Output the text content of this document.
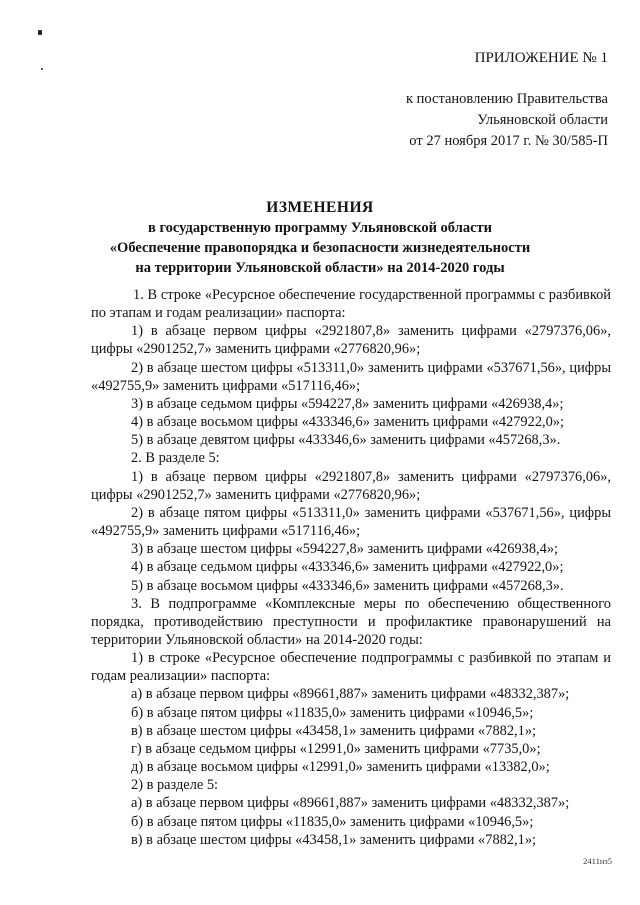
ПРИЛОЖЕНИЕ № 1
к постановлению Правительства
Ульяновской области
от 27 ноября 2017 г. № 30/585-П
ИЗМЕНЕНИЯ
в государственную программу Ульяновской области
«Обеспечение правопорядка и безопасности жизнедеятельности
на территории Ульяновской области» на 2014-2020 годы
1. В строке «Ресурсное обеспечение государственной программы с разбивкой по этапам и годам реализации» паспорта:
1) в абзаце первом цифры «2921807,8» заменить цифрами «2797376,06», цифры «2901252,7» заменить цифрами «2776820,96»;
2) в абзаце шестом цифры «513311,0» заменить цифрами «537671,56», цифры «492755,9» заменить цифрами «517116,46»;
3) в абзаце седьмом цифры «594227,8» заменить цифрами «426938,4»;
4) в абзаце восьмом цифры «433346,6» заменить цифрами «427922,0»;
5) в абзаце девятом цифры «433346,6» заменить цифрами «457268,3».
2. В разделе 5:
1) в абзаце первом цифры «2921807,8» заменить цифрами «2797376,06», цифры «2901252,7» заменить цифрами «2776820,96»;
2) в абзаце пятом цифры «513311,0» заменить цифрами «537671,56», цифры «492755,9» заменить цифрами «517116,46»;
3) в абзаце шестом цифры «594227,8» заменить цифрами «426938,4»;
4) в абзаце седьмом цифры «433346,6» заменить цифрами «427922,0»;
5) в абзаце восьмом цифры «433346,6» заменить цифрами «457268,3».
3. В подпрограмме «Комплексные меры по обеспечению общественного порядка, противодействию преступности и профилактике правонарушений на территории Ульяновской области» на 2014-2020 годы:
1) в строке «Ресурсное обеспечение подпрограммы с разбивкой по этапам и годам реализации» паспорта:
а) в абзаце первом цифры «89661,887» заменить цифрами «48332,387»;
б) в абзаце пятом цифры «11835,0» заменить цифрами «10946,5»;
в) в абзаце шестом цифры «43458,1» заменить цифрами «7882,1»;
г) в абзаце седьмом цифры «12991,0» заменить цифрами «7735,0»;
д) в абзаце восьмом цифры «12991,0» заменить цифрами «13382,0»;
2) в разделе 5:
а) в абзаце первом цифры «89661,887» заменить цифрами «48332,387»;
б) в абзаце пятом цифры «11835,0» заменить цифрами «10946,5»;
в) в абзаце шестом цифры «43458,1» заменить цифрами «7882,1»;
2411нз5
